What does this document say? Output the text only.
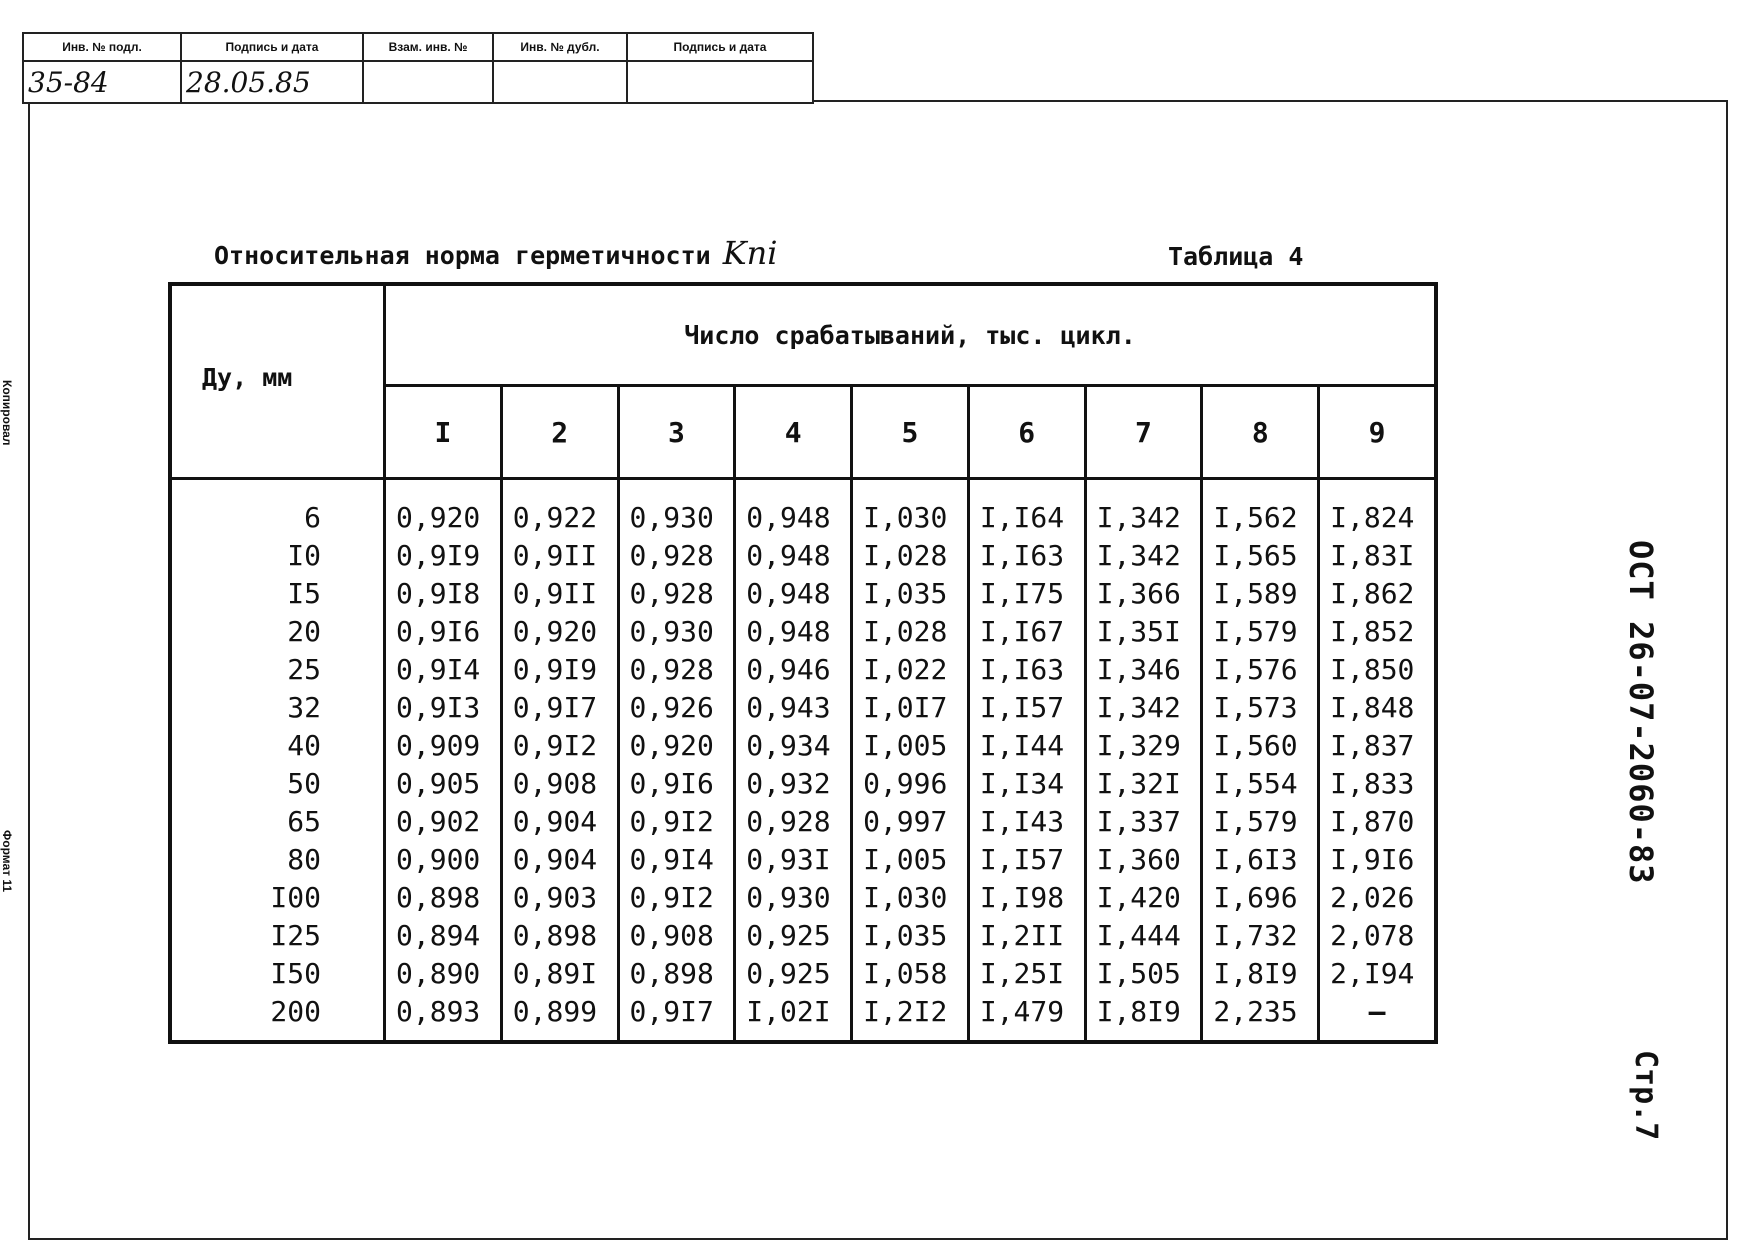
Инв. № подл.	Подпись и дата	Взам. инв. №	Инв. № дубл.	Подпись и дата
35-84	28.05.85			
Относительная норма герметичности Kni	Таблица 4
Ду, мм	Число срабатываний, тыс. цикл.								
	I	2	3	4	5	6	7	8	9
6	0,920	0,922	0,930	0,948	I,030	I,I64	I,342	I,562	I,824
I0	0,9I9	0,9II	0,928	0,948	I,028	I,I63	I,342	I,565	I,83I
I5	0,9I8	0,9II	0,928	0,948	I,035	I,I75	I,366	I,589	I,862
20	0,9I6	0,920	0,930	0,948	I,028	I,I67	I,35I	I,579	I,852
25	0,9I4	0,9I9	0,928	0,946	I,022	I,I63	I,346	I,576	I,850
32	0,9I3	0,9I7	0,926	0,943	I,0I7	I,I57	I,342	I,573	I,848
40	0,909	0,9I2	0,920	0,934	I,005	I,I44	I,329	I,560	I,837
50	0,905	0,908	0,9I6	0,932	0,996	I,I34	I,32I	I,554	I,833
65	0,902	0,904	0,9I2	0,928	0,997	I,I43	I,337	I,579	I,870
80	0,900	0,904	0,9I4	0,93I	I,005	I,I57	I,360	I,6I3	I,9I6
I00	0,898	0,903	0,9I2	0,930	I,030	I,I98	I,420	I,696	2,026
I25	0,894	0,898	0,908	0,925	I,035	I,2II	I,444	I,732	2,078
I50	0,890	0,89I	0,898	0,925	I,058	I,25I	I,505	I,8I9	2,I94
200	0,893	0,899	0,9I7	I,02I	I,2I2	I,479	I,8I9	2,235	–
ОСТ 26-07-2060-83
Стр.7
Копировал
Формат 11
